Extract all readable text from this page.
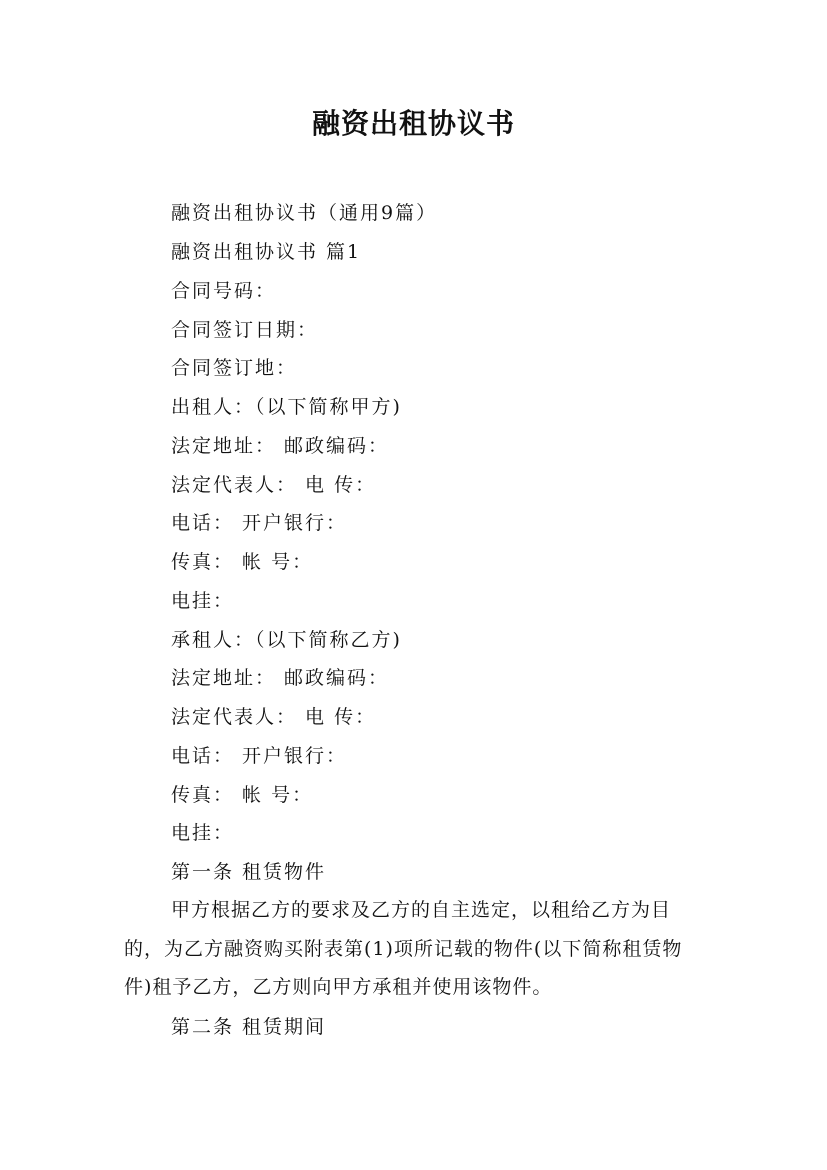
融资出租协议书

融资出租协议书（通用9篇）

融资出租协议书 篇1

合同号码：

合同签订日期：

合同签订地：

出租人：（以下简称甲方)

法定地址： 邮政编码：

法定代表人： 电 传：

电话： 开户银行：

传真： 帐 号：

电挂：

承租人：（以下简称乙方)

法定地址： 邮政编码：

法定代表人： 电 传：

电话： 开户银行：

传真： 帐 号：

电挂：

第一条 租赁物件

甲方根据乙方的要求及乙方的自主选定，以租给乙方为目的，为乙方融资购买附表第(1)项所记载的物件(以下简称租赁物件)租予乙方，乙方则向甲方承租并使用该物件。

第二条 租赁期间
